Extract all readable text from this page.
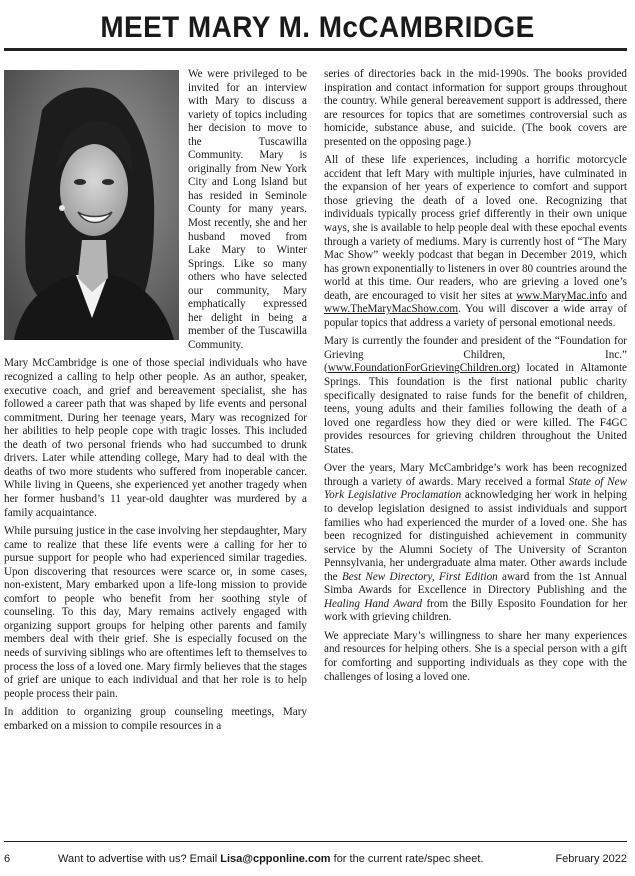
MEET MARY M. McCAMBRIDGE

We were privileged to be invited for an interview with Mary to discuss a variety of topics including her decision to move to the Tuscawilla Community. Mary is originally from New York City and Long Island but has resided in Seminole County for many years. Most recently, she and her husband moved from Lake Mary to Winter Springs. Like so many others who have selected our community, Mary emphatically expressed her delight in being a member of the Tuscawilla Community.

Mary McCambridge is one of those special individuals who have recognized a calling to help other people. As an author, speaker, executive coach, and grief and bereavement specialist, she has followed a career path that was shaped by life events and personal commitment. During her teenage years, Mary was recognized for her abilities to help people cope with tragic losses. This included the death of two personal friends who had succumbed to drunk drivers. Later while attending college, Mary had to deal with the deaths of two more students who suffered from inoperable cancer. While living in Queens, she experienced yet another tragedy when her former husband’s 11 year-old daughter was murdered by a family acquaintance.

While pursuing justice in the case involving her stepdaughter, Mary came to realize that these life events were a calling for her to pursue support for people who had experienced similar tragedies. Upon discovering that resources were scarce or, in some cases, non-existent, Mary embarked upon a life-long mission to provide comfort to people who benefit from her soothing style of counseling. To this day, Mary remains actively engaged with organizing support groups for helping other parents and family members deal with their grief. She is especially focused on the needs of surviving siblings who are oftentimes left to themselves to process the loss of a loved one. Mary firmly believes that the stages of grief are unique to each individual and that her role is to help people process their pain.

In addition to organizing group counseling meetings, Mary embarked on a mission to compile resources in a

series of directories back in the mid-1990s. The books provided inspiration and contact information for support groups throughout the country. While general bereavement support is addressed, there are resources for topics that are sometimes controversial such as homicide, substance abuse, and suicide. (The book covers are presented on the opposing page.)

All of these life experiences, including a horrific motorcycle accident that left Mary with multiple injuries, have culminated in the expansion of her years of experience to comfort and support those grieving the death of a loved one. Recognizing that individuals typically process grief differently in their own unique ways, she is available to help people deal with these epochal events through a variety of mediums. Mary is currently host of “The Mary Mac Show” weekly podcast that began in December 2019, which has grown exponentially to listeners in over 80 countries around the world at this time. Our readers, who are grieving a loved one’s death, are encouraged to visit her sites at www.MaryMac.info and www.TheMaryMacShow.com. You will discover a wide array of popular topics that address a variety of personal emotional needs.

Mary is currently the founder and president of the “Foundation for Grieving Children, Inc.” (www.FoundationForGrievingChildren.org) located in Altamonte Springs. This foundation is the first national public charity specifically designated to raise funds for the benefit of children, teens, young adults and their families following the death of a loved one regardless how they died or were killed. The F4GC provides resources for grieving children throughout the United States.

Over the years, Mary McCambridge’s work has been recognized through a variety of awards. Mary received a formal State of New York Legislative Proclamation acknowledging her work in helping to develop legislation designed to assist individuals and support families who had experienced the murder of a loved one. She has been recognized for distinguished achievement in community service by the Alumni Society of The University of Scranton Pennsylvania, her undergraduate alma mater. Other awards include the Best New Directory, First Edition award from the 1st Annual Simba Awards for Excellence in Directory Publishing and the Healing Hand Award from the Billy Esposito Foundation for her work with grieving children.

We appreciate Mary’s willingness to share her many experiences and resources for helping others. She is a special person with a gift for comforting and supporting individuals as they cope with the challenges of losing a loved one.

6	Want to advertise with us? Email Lisa@cpponline.com for the current rate/spec sheet.	February 2022
